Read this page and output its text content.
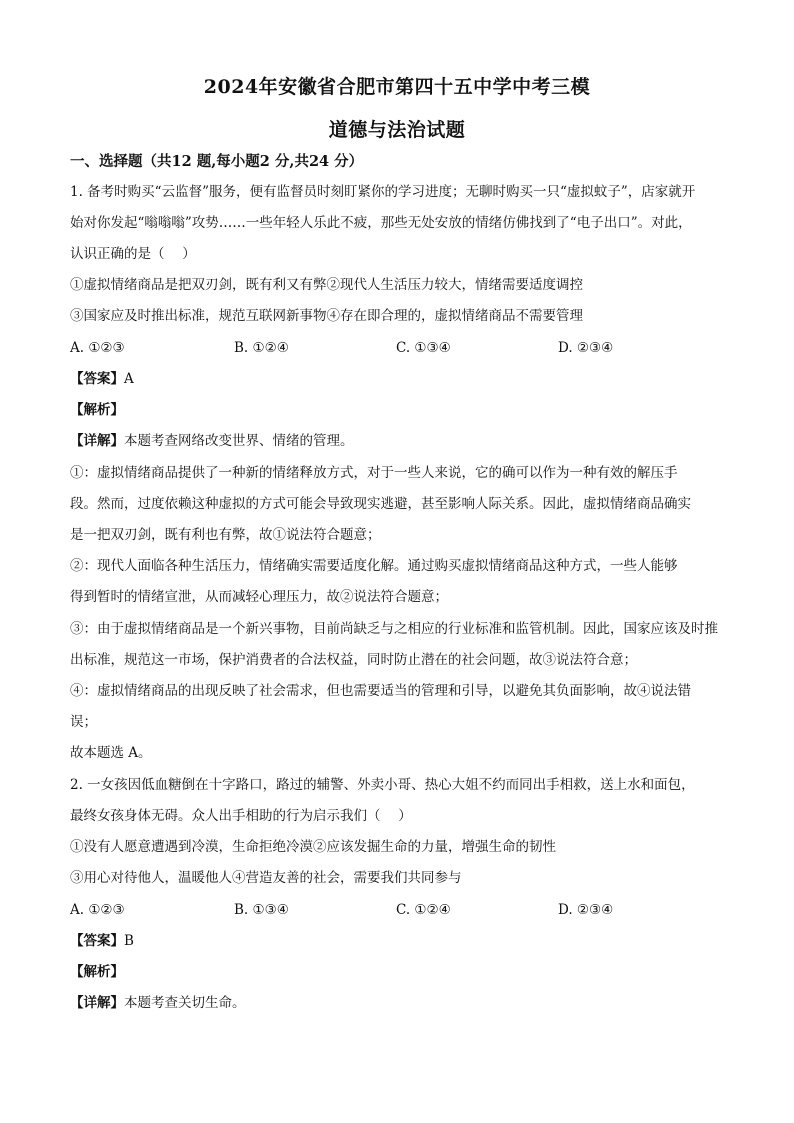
2024年安徽省合肥市第四十五中学中考三模
道德与法治试题
一、选择题（共12 题,每小题2 分,共24 分）
1. 备考时购买“云监督”服务，便有监督员时刻盯紧你的学习进度；无聊时购买一只“虚拟蚊子”，店家就开
始对你发起“嗡嗡嗡”攻势……一些年轻人乐此不疲，那些无处安放的情绪仿佛找到了“电子出口”。对此，
认识正确的是（　 ）
①虚拟情绪商品是把双刃剑，既有利又有弊②现代人生活压力较大，情绪需要适度调控
③国家应及时推出标准，规范互联网新事物④存在即合理的，虚拟情绪商品不需要管理
A. ①②③	B. ①②④	C. ①③④	D. ②③④
【答案】A
【解析】
【详解】本题考查网络改变世界、情绪的管理。
①：虚拟情绪商品提供了一种新的情绪释放方式，对于一些人来说，它的确可以作为一种有效的解压手
段。然而，过度依赖这种虚拟的方式可能会导致现实逃避，甚至影响人际关系。因此，虚拟情绪商品确实
是一把双刃剑，既有利也有弊，故①说法符合题意；
②：现代人面临各种生活压力，情绪确实需要适度化解。通过购买虚拟情绪商品这种方式，一些人能够
得到暂时的情绪宣泄，从而减轻心理压力，故②说法符合题意；
③：由于虚拟情绪商品是一个新兴事物，目前尚缺乏与之相应的行业标准和监管机制。因此，国家应该及时推
出标准，规范这一市场，保护消费者的合法权益，同时防止潜在的社会问题，故③说法符合意；
④：虚拟情绪商品的出现反映了社会需求，但也需要适当的管理和引导，以避免其负面影响，故④说法错
误；
故本题选 A。
2. 一女孩因低血糖倒在十字路口，路过的辅警、外卖小哥、热心大姐不约而同出手相救，送上水和面包，
最终女孩身体无碍。众人出手相助的行为启示我们（　 ）
①没有人愿意遭遇到冷漠，生命拒绝冷漠②应该发掘生命的力量，增强生命的韧性
③用心对待他人，温暖他人④营造友善的社会，需要我们共同参与
A. ①②③	B. ①③④	C. ①②④	D. ②③④
【答案】B
【解析】
【详解】本题考查关切生命。
